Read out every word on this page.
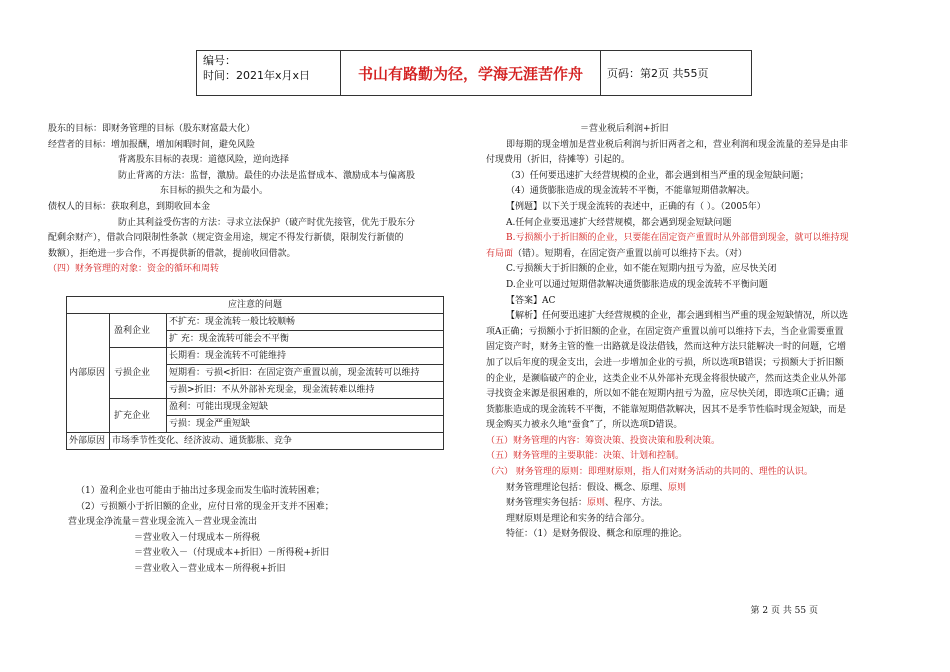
编号：
时间：2021年x月x日	书山有路勤为径，学海无涯苦作舟	页码：第2页 共55页

股东的目标：即财务管理的目标（股东财富最大化）

经营者的目标：增加报酬，增加闲暇时间，避免风险

背离股东目标的表现：道德风险，逆向选择

防止背离的方法：监督，激励。最佳的办法是监督成本、激励成本与偏离股

东目标的损失之和为最小。

债权人的目标：获取利息，到期收回本金

防止其利益受伤害的方法：寻求立法保护（破产时优先接管，优先于股东分

配剩余财产），借款合同限制性条款（规定资金用途，规定不得发行新债，限制发行新债的

数额），拒绝进一步合作，不再提供新的借款，提前收回借款。

（四）财务管理的对象：资金的循环和周转

应注意的问题		
内部原因	盈利企业	不扩充：现金流转一般比较顺畅
		扩 充：现金流转可能会不平衡
	亏损企业	长期看：现金流转不可能维持
		短期看：亏损<折旧：在固定资产重置以前，现金流转可以维持
		亏损>折旧：不从外部补充现金，现金流转难以维持
	扩充企业	盈利：可能出现现金短缺
		亏损：现金严重短缺
外部原因	市场季节性变化、经济波动、通货膨胀、竞争	

（1）盈利企业也可能由于抽出过多现金而发生临时流转困难；

（2）亏损额小于折旧额的企业，应付日常的现金开支并不困难；

营业现金净流量＝营业现金流入－营业现金流出

＝营业收入－付现成本－所得税

＝营业收入－（付现成本+折旧）－所得税+折旧

＝营业收入－营业成本－所得税+折旧

＝营业税后利润+折旧

即每期的现金增加是营业税后利润与折旧两者之和，营业利润和现金流量的差异是由非

付现费用（折旧，待摊等）引起的。

（3）任何要迅速扩大经营规模的企业，都会遇到相当严重的现金短缺问题；

（4）通货膨胀造成的现金流转不平衡，不能靠短期借款解决。

【例题】以下关于现金流转的表述中，正确的有（ ）。（2005年）

A.任何企业要迅速扩大经营规模，都会遇到现金短缺问题

B.亏损额小于折旧额的企业，只要能在固定资产重置时从外部借到现金，就可以维持现

有局面（错）。短期看，在固定资产重置以前可以维持下去。（对）

C.亏损额大于折旧额的企业，如不能在短期内扭亏为盈，应尽快关闭

D.企业可以通过短期借款解决通货膨胀造成的现金流转不平衡问题

【答案】AC

【解析】任何要迅速扩大经营规模的企业，都会遇到相当严重的现金短缺情况，所以选

项A正确；亏损额小于折旧额的企业，在固定资产重置以前可以维持下去，当企业需要重置

固定资产时，财务主管的惟一出路就是设法借钱，然而这种方法只能解决一时的问题，它增

加了以后年度的现金支出，会进一步增加企业的亏损，所以选项B错误；亏损额大于折旧额

的企业，是濒临破产的企业，这类企业不从外部补充现金将很快破产，然而这类企业从外部

寻找资金来源是很困难的，所以如不能在短期内扭亏为盈，应尽快关闭，即选项C正确；通

货膨胀造成的现金流转不平衡，不能靠短期借款解决，因其不是季节性临时现金短缺，而是

现金购买力被永久地“蚕食”了，所以选项D错误。

（五）财务管理的内容：筹资决策、投资决策和股利决策。

（五）财务管理的主要职能：决策、计划和控制。

（六） 财务管理的原则：即理财原则，指人们对财务活动的共同的、理性的认识。

财务管理理论包括：假设、概念、原理、原则

财务管理实务包括：原则、程序、方法。

理财原则是理论和实务的结合部分。

特征：（1）是财务假设、概念和原理的推论。

第 2 页 共 55 页
